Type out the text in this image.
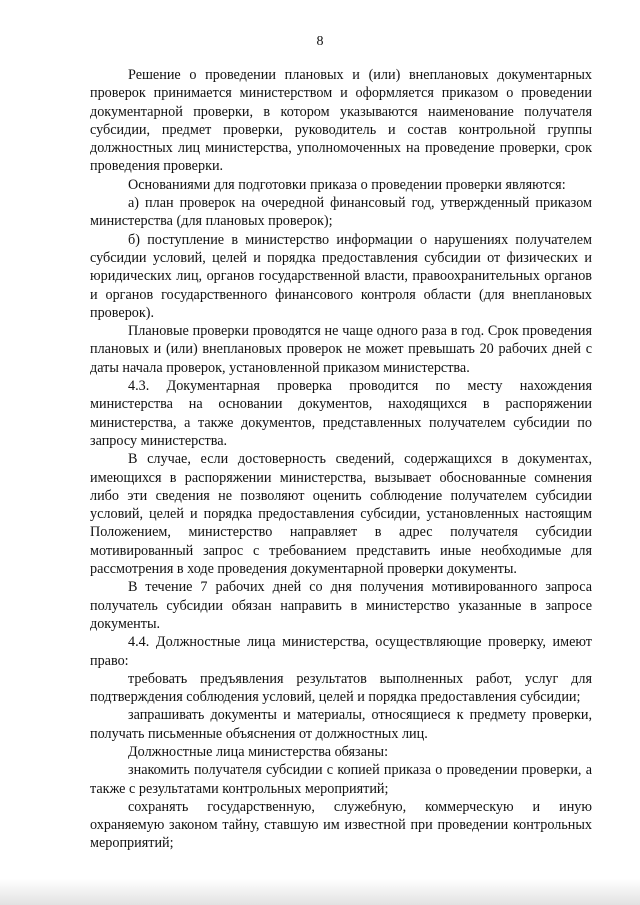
8

Решение о проведении плановых и (или) внеплановых документарных проверок принимается министерством и оформляется приказом о проведении документарной проверки, в котором указываются наименование получателя субсидии, предмет проверки, руководитель и состав контрольной группы должностных лиц министерства, уполномоченных на проведение проверки, срок проведения проверки.

Основаниями для подготовки приказа о проведении проверки являются:

а) план проверок на очередной финансовый год, утвержденный приказом министерства (для плановых проверок);

б) поступление в министерство информации о нарушениях получателем субсидии условий, целей и порядка предоставления субсидии от физических и юридических лиц, органов государственной власти, правоохранительных органов и органов государственного финансового контроля области (для внеплановых проверок).

Плановые проверки проводятся не чаще одного раза в год. Срок проведения плановых и (или) внеплановых проверок не может превышать 20 рабочих дней с даты начала проверок, установленной приказом министерства.

4.3. Документарная проверка проводится по месту нахождения министерства на основании документов, находящихся в распоряжении министерства, а также документов, представленных получателем субсидии по запросу министерства.

В случае, если достоверность сведений, содержащихся в документах, имеющихся в распоряжении министерства, вызывает обоснованные сомнения либо эти сведения не позволяют оценить соблюдение получателем субсидии условий, целей и порядка предоставления субсидии, установленных настоящим Положением, министерство направляет в адрес получателя субсидии мотивированный запрос с требованием представить иные необходимые для рассмотрения в ходе проведения документарной проверки документы.

В течение 7 рабочих дней со дня получения мотивированного запроса получатель субсидии обязан направить в министерство указанные в запросе документы.

4.4. Должностные лица министерства, осуществляющие проверку, имеют право:

требовать предъявления результатов выполненных работ, услуг для подтверждения соблюдения условий, целей и порядка предоставления субсидии;

запрашивать документы и материалы, относящиеся к предмету проверки, получать письменные объяснения от должностных лиц.

Должностные лица министерства обязаны:

знакомить получателя субсидии с копией приказа о проведении проверки, а также с результатами контрольных мероприятий;

сохранять государственную, служебную, коммерческую и иную охраняемую законом тайну, ставшую им известной при проведении контрольных мероприятий;
